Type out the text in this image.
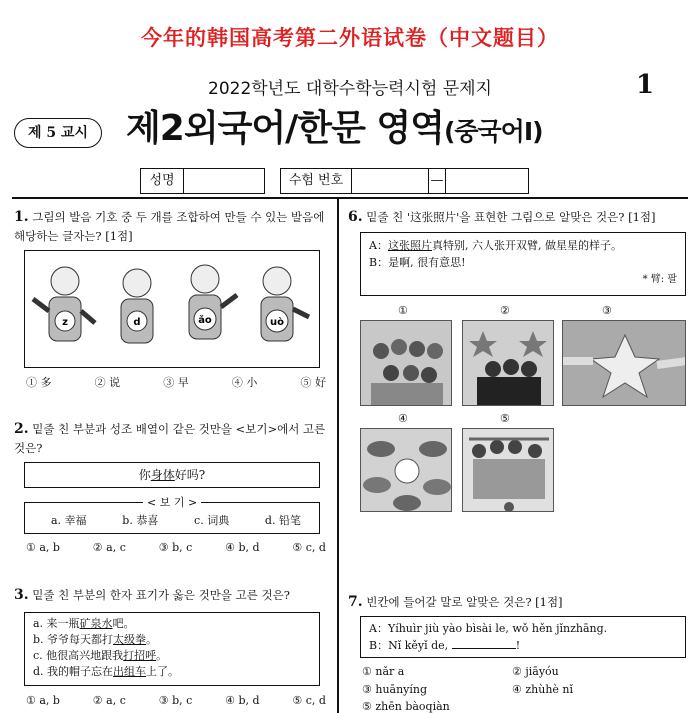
今年的韩国高考第二外语试卷（中文题目）
2022학년도 대학수학능력시험 문제지	1
제 5 교시	제2외국어/한문 영역(중국어Ⅰ)
성명	수험 번호	—
1. 그림의 발음 기호 중 두 개를 조합하여 만들 수 있는 발음에 해당하는 글자는? [1점]
z	d	ǎo	uò
① 多	② 说	③ 早	④ 小	⑤ 好
2. 밑줄 친 부분과 성조 배열이 같은 것만을 <보기>에서 고른 것은?
你身体好吗?
< 보 기 >
a. 幸福	b. 恭喜	c. 词典	d. 铅笔
① a, b	② a, c	③ b, c	④ b, d	⑤ c, d
3. 밑줄 친 부분의 한자 표기가 옳은 것만을 고른 것은?
a. 来一瓶矿泉水吧。
b. 爷爷每天都打太级拳。
c. 他很高兴地跟我打招呼。
d. 我的帽子忘在出组车上了。
① a, b	② a, c	③ b, c	④ b, d	⑤ c, d
6. 밑줄 친 '这张照片'을 표현한 그림으로 알맞은 것은? [1점]
A：这张照片真特别, 六人张开双臂, 做星星的样子。
B：是啊, 很有意思!
* 臂: 팔
①	②	③
④	⑤
7. 빈칸에 들어갈 말로 알맞은 것은? [1점]
A：Yíhuìr jiù yào bìsài le, wǒ hěn jǐnzhāng.
B：Nǐ kěyǐ de,	!
① nǎr a	② jiāyóu
③ huānyíng	④ zhùhè nǐ
⑤ zhēn bàoqiàn
